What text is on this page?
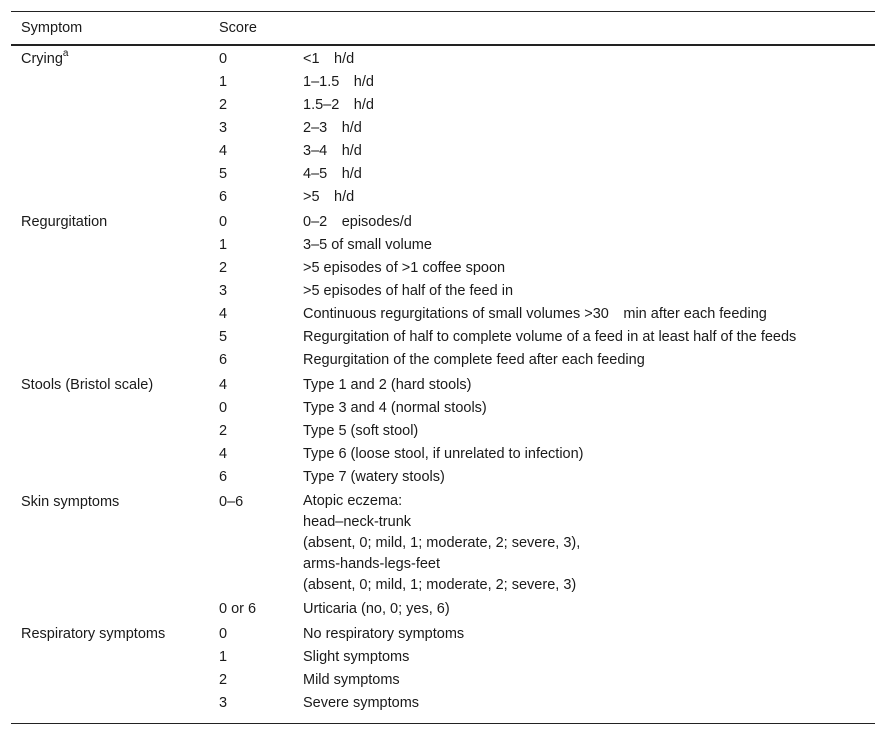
Symptom	Score	
Crying$^a$	0	<1 h/d
	1	1–1.5 h/d
	2	1.5–2 h/d
	3	2–3 h/d
	4	3–4 h/d
	5	4–5 h/d
	6	>5 h/d
Regurgitation	0	0–2 episodes/d
	1	3–5 of small volume
	2	>5 episodes of >1 coffee spoon
	3	>5 episodes of half of the feed in
	4	Continuous regurgitations of small volumes >30 min after each feeding
	5	Regurgitation of half to complete volume of a feed in at least half of the feeds
	6	Regurgitation of the complete feed after each feeding
Stools (Bristol scale)	4	Type 1 and 2 (hard stools)
	0	Type 3 and 4 (normal stools)
	2	Type 5 (soft stool)
	4	Type 6 (loose stool, if unrelated to infection)
	6	Type 7 (watery stools)
Skin symptoms	0–6	Atopic eczema:
head–neck-trunk
(absent, 0; mild, 1; moderate, 2; severe, 3),
arms-hands-legs-feet
(absent, 0; mild, 1; moderate, 2; severe, 3)

	0 or 6	Urticaria (no, 0; yes, 6)
Respiratory symptoms	0	No respiratory symptoms
	1	Slight symptoms
	2	Mild symptoms
	3	Severe symptoms
